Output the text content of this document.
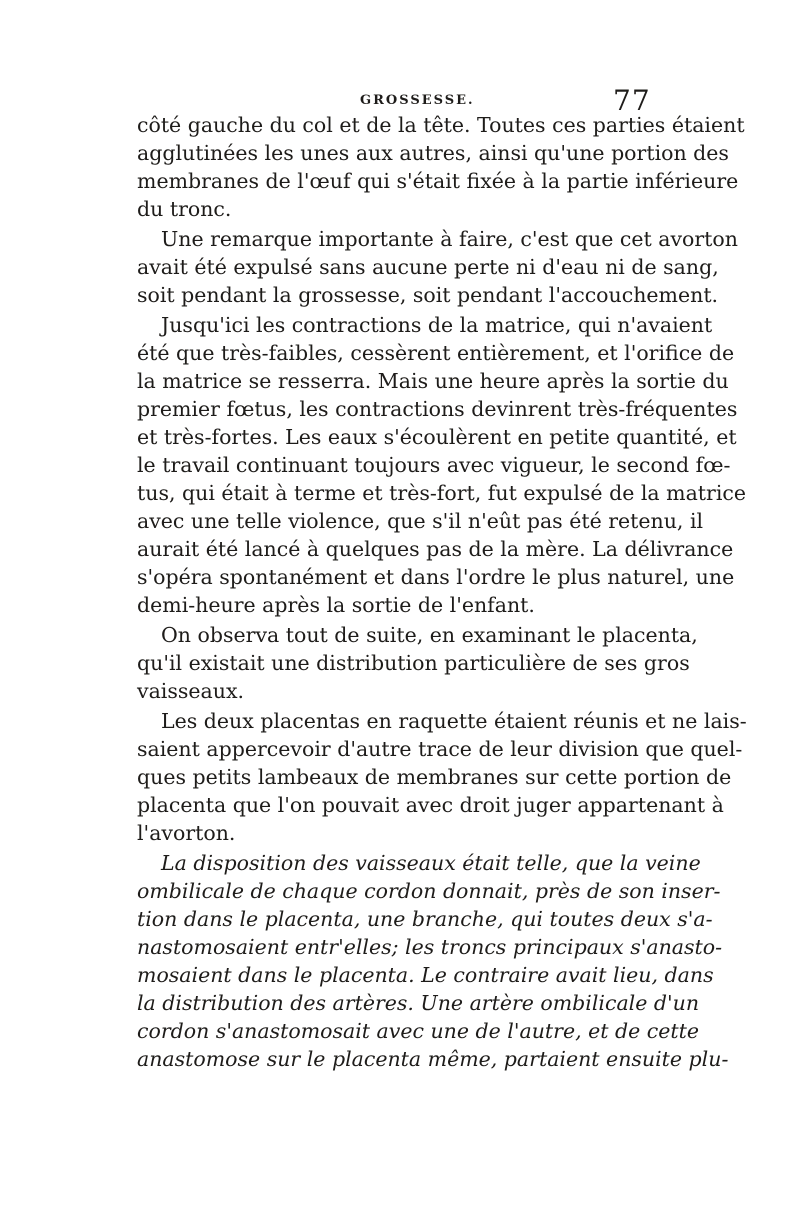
GROSSESSE.	77
côté gauche du col et de la tête. Toutes ces parties étaient
agglutinées les unes aux autres, ainsi qu'une portion des
membranes de l'œuf qui s'était fixée à la partie inférieure
du tronc.
Une remarque importante à faire, c'est que cet avorton
avait été expulsé sans aucune perte ni d'eau ni de sang,
soit pendant la grossesse, soit pendant l'accouchement.
Jusqu'ici les contractions de la matrice, qui n'avaient
été que très-faibles, cessèrent entièrement, et l'orifice de
la matrice se resserra. Mais une heure après la sortie du
premier fœtus, les contractions devinrent très-fréquentes
et très-fortes. Les eaux s'écoulèrent en petite quantité, et
le travail continuant toujours avec vigueur, le second fœ-
tus, qui était à terme et très-fort, fut expulsé de la matrice
avec une telle violence, que s'il n'eût pas été retenu, il
aurait été lancé à quelques pas de la mère. La délivrance
s'opéra spontanément et dans l'ordre le plus naturel, une
demi-heure après la sortie de l'enfant.
On observa tout de suite, en examinant le placenta,
qu'il existait une distribution particulière de ses gros
vaisseaux.
Les deux placentas en raquette étaient réunis et ne lais-
saient appercevoir d'autre trace de leur division que quel-
ques petits lambeaux de membranes sur cette portion de
placenta que l'on pouvait avec droit juger appartenant à
l'avorton.
La disposition des vaisseaux était telle, que la veine
ombilicale de chaque cordon donnait, près de son inser-
tion dans le placenta, une branche, qui toutes deux s'a-
nastomosaient entr'elles; les troncs principaux s'anasto-
mosaient dans le placenta. Le contraire avait lieu, dans
la distribution des artères. Une artère ombilicale d'un
cordon s'anastomosait avec une de l'autre, et de cette
anastomose sur le placenta même, partaient ensuite plu-
